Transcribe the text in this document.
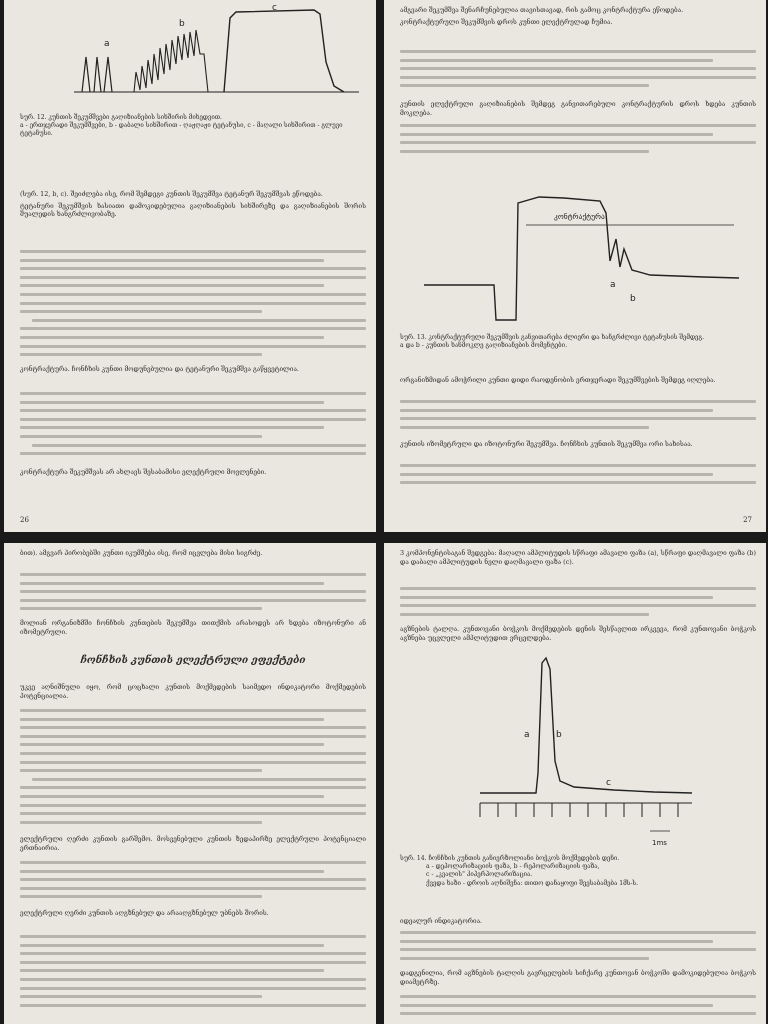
a
b
c

სურ. 12. კუნთის შეკუმშვები გაღიზიანების სიხშირის მიხედვით.

a - ერთჯერადი შეკუმშვები, b - დაბალი სიხშირით - ღაჟღაჟი ტეტანუსი, c - მაღალი სიხშირით - გლუვი ტეტანუსი.

(სურ. 12, b, c). შეიძლება ისე, რომ შემდეგი კუნთის შეკუმშვა ტეტანურ შეკუმშვას ეწოდება.

ტეტანური შეკუმშვის ხასიათი დამოკიდებულია გაღიზიანების სიხშირეზე და გაღიზიანების შორის შუალედის ხანგრძლივობაზე.

კონტრაქტურა. ჩონჩხის კუნთი მოდუნებულია და ტეტანური შეკუმშვა გაწყვეტილია.

კონტრაქტურა შეკუმშვას არ ახლავს შესაბამისი ელექტრული მოვლენები.

26

ამგვარი შეკუმშვა შენარჩუნებულია თავისთავად, რის გამოც კონტრაქტურა ეწოდება.

კონტრაქტურული შეკუმშვის დროს კუნთი ელექტრულად ჩუმია.

კუნთის ელექტრული გაღიზიანების შემდეგ განვითარებული კონტრაქტურის დროს ხდება კუნთის მოკლება.

კონტრაქტურა
a
b

სურ. 13. კონტრაქტურული შეკუმშვის განვითარება ძლიერი და ხანგრძლივი ტეტანუსის შემდეგ.

a და b - კუნთის ხანმოკლე გაღიზიანების მომენტები.

ორგანიზმიდან ამოჭრილი კუნთი დიდი რაოდენობის ერთჯერადი შეკუმშვების შემდეგ იღლება.

კუნთის იზომეტრული და იზოტონური შეკუმშვა. ჩონჩხის კუნთის შეკუმშვა ორი სახისაა.

27

ბით). ამგვარ პირობებში კუნთი იკუმშება ისე, რომ იცვლება მისი სიგრძე.

მოლიან ორგანიზმში ჩონჩხის კუნთების შეკუმშვა თითქმის არასოდეს არ ხდება იზოტონური ან იზომეტრული.

ჩონჩხის კუნთის ელექტრული ეფექტები

უკვე აღნიშნული იყო, რომ ცოცხალი კუნთის მოქმედების საიმედო ინდიკატორი მოქმედების პოტენციალია.

ელექტრული ღერძი კუნთის გარშემო. მოსვენებული კუნთის ზედაპირზე ელექტრული პოტენციალი ერთნაირია.

ელექტრული ღერძი კუნთის აღგზნებულ და არააღგზნებულ უბნებს შორის.

3 კომპონენტისაგან შედგება: მაღალი ამპლიტუდის სწრაფი ამავალი ფაზა (a), სწრაფი დაღმავალი ფაზა (b) და დაბალი ამპლიტუდის ნელი დაღმავალი ფაზა (c).

აგზნების ტალღა. კუნთოვანი ბოჭკოს მოქმედების დენის შესწავლით ირკვევა, რომ კუნთოვანი ბოჭკოს აგზნება უცვლელი ამპლიტუდით ვრცელდება.

a	b
c
1ms

სურ. 14. ჩონჩხის კუნთის განიერზოლიანი ბოჭკოს მოქმედების დენი.

a - დეპოლარიზაციის ფაზა, b - რეპოლარიზაციის ფაზა,

c - „კვალის" ჰიპერპოლარიზაცია.

ქვედა ხაზი - დროის აღნიშვნა: თითო დანაყოფი შეესაბამება 1მს-ს.

იდეალურ ინდიკატორია.

დადგენილია, რომ აგზნების ტალღის გავრცელების სიჩქარე კუნთოვან ბოჭკოში დამოკიდებულია ბოჭკოს დიამეტრზე.
